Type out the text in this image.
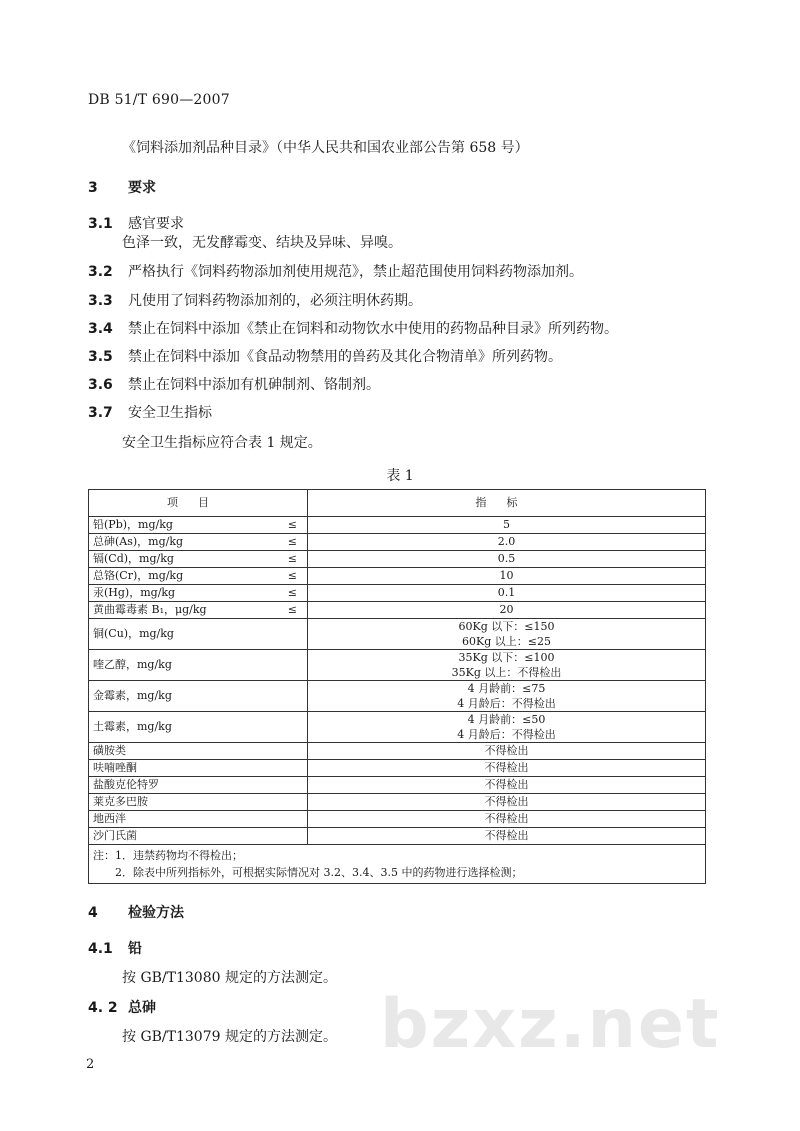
DB 51/T 690—2007
《饲料添加剂品种目录》（中华人民共和国农业部公告第 658 号）
3 要求
3.1 感官要求
色泽一致，无发酵霉变、结块及异味、异嗅。
3.2 严格执行《饲料药物添加剂使用规范》，禁止超范围使用饲料药物添加剂。
3.3 凡使用了饲料药物添加剂的，必须注明休药期。
3.4 禁止在饲料中添加《禁止在饲料和动物饮水中使用的药物品种目录》所列药物。
3.5 禁止在饲料中添加《食品动物禁用的兽药及其化合物清单》所列药物。
3.6 禁止在饲料中添加有机砷制剂、铬制剂。
3.7 安全卫生指标
安全卫生指标应符合表 1 规定。
表 1
项目	指标
铅(Pb)，mg/kg ≤	5
总砷(As)，mg/kg ≤	2.0
镉(Cd)，mg/kg ≤	0.5
总铬(Cr)，mg/kg ≤	10
汞(Hg)，mg/kg ≤	0.1
黄曲霉毒素 B₁，μg/kg ≤	20
铜(Cu)，mg/kg	60Kg 以下：≤150
60Kg 以上：≤25

喹乙醇，mg/kg	35Kg 以下：≤100
35Kg 以上：不得检出

金霉素，mg/kg	4 月龄前：≤75
4 月龄后：不得检出

土霉素，mg/kg	4 月龄前：≤50
4 月龄后：不得检出

磺胺类	不得检出
呋喃唑酮	不得检出
盐酸克伦特罗	不得检出
莱克多巴胺	不得检出
地西泮	不得检出
沙门氏菌	不得检出

注：1．违禁药物均不得检出；
2．除表中所列指标外，可根据实际情况对 3.2、3.4、3.5 中的药物进行选择检测；	
4 检验方法
4.1 铅
按 GB/T13080 规定的方法测定。
4. 2 总砷
按 GB/T13079 规定的方法测定。 bzxz.net
2
